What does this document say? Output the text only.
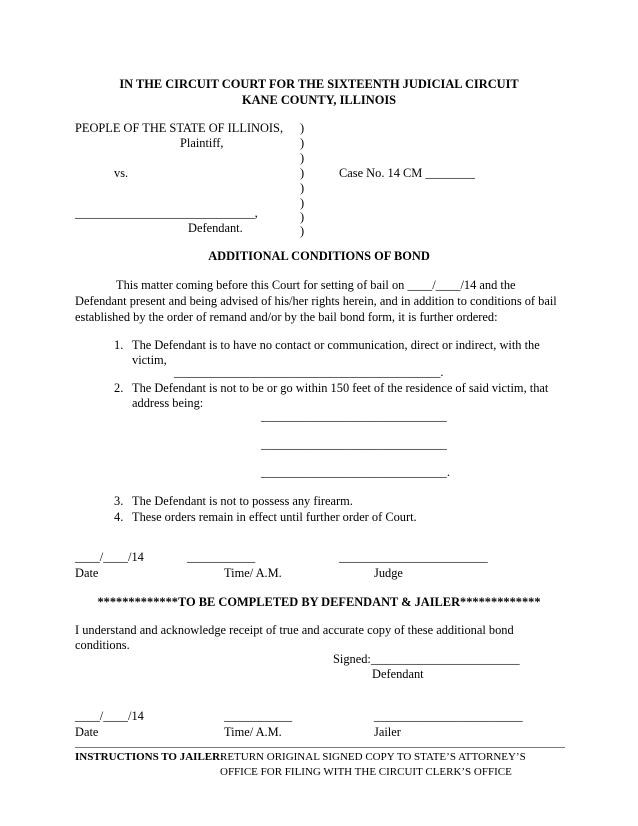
IN THE CIRCUIT COURT FOR THE SIXTEENTH JUDICIAL CIRCUIT
KANE COUNTY, ILLINOIS
PEOPLE OF THE STATE OF ILLINOIS,
Plaintiff,
vs.
_____________________________,
Defendant.
Case No. 14 CM ________
)
)
)
)
)
)
)
)
ADDITIONAL CONDITIONS OF BOND
This matter coming before this Court for setting of bail on ____/____/14 and the
Defendant present and being advised of his/her rights herein, and in addition to conditions of bail
established by the order of remand and/or by the bail bond form, it is further ordered:
1. The Defendant is to have no contact or communication, direct or indirect, with the
victim,
___________________________________________.
2. The Defendant is not to be or go within 150 feet of the residence of said victim, that
address being:
______________________________
______________________________
______________________________.
3. The Defendant is not to possess any firearm.
4. These orders remain in effect until further order of Court.
____/____/14	___________	________________________
Date	Time/ A.M.	Judge
*************TO BE COMPLETED BY DEFENDANT & JAILER*************
I understand and acknowledge receipt of true and accurate copy of these additional bond
conditions.
Signed:________________________
Defendant
____/____/14	___________	________________________
Date	Time/ A.M.	Jailer
INSTRUCTIONS TO JAILER:
RETURN ORIGINAL SIGNED COPY TO STATE’S ATTORNEY’S
OFFICE FOR FILING WITH THE CIRCUIT CLERK’S OFFICE
